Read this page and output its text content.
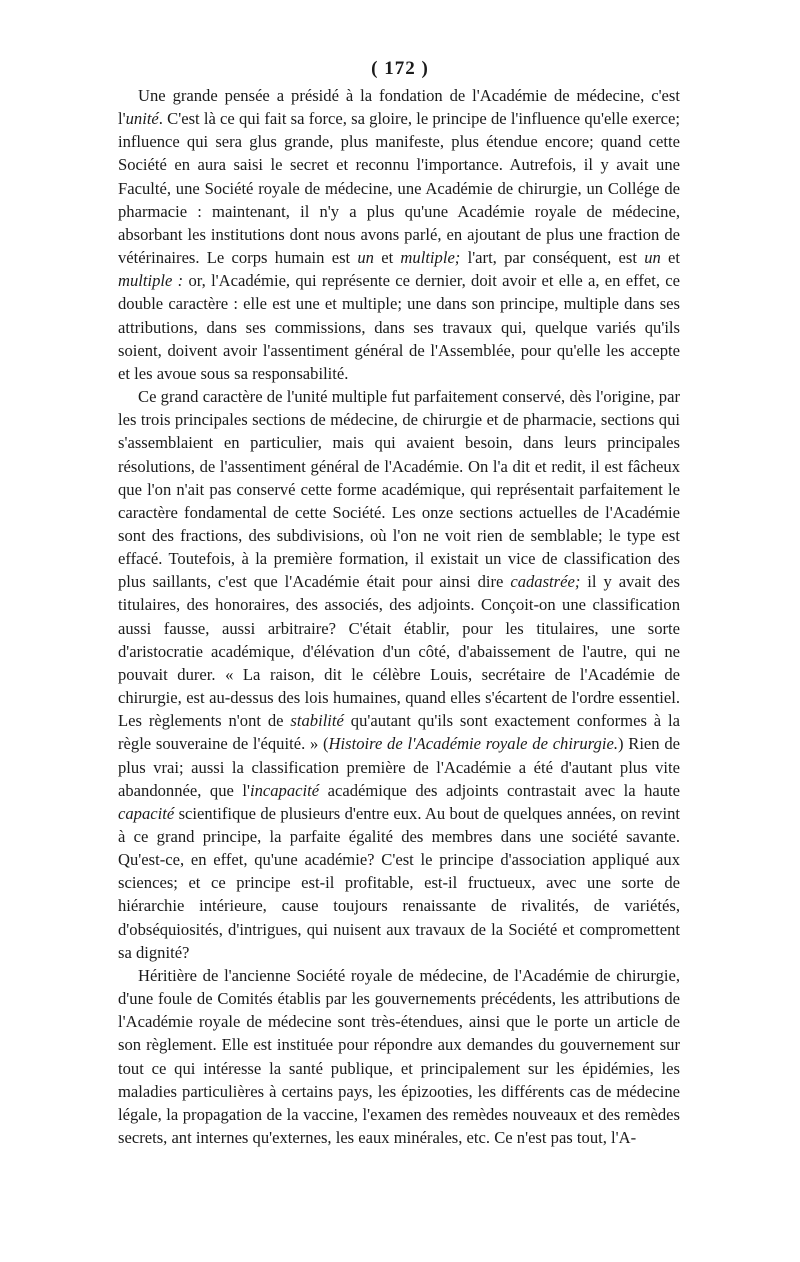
( 172 )

Une grande pensée a présidé à la fondation de l'Académie de médecine, c'est l'unité. C'est là ce qui fait sa force, sa gloire, le principe de l'influence qu'elle exerce; influence qui sera glus grande, plus manifeste, plus étendue encore; quand cette Société en aura saisi le secret et reconnu l'importance. Autrefois, il y avait une Faculté, une Société royale de médecine, une Académie de chirurgie, un Collége de pharmacie : maintenant, il n'y a plus qu'une Académie royale de médecine, absorbant les institutions dont nous avons parlé, en ajoutant de plus une fraction de vétérinaires. Le corps humain est un et multiple; l'art, par conséquent, est un et multiple : or, l'Académie, qui représente ce dernier, doit avoir et elle a, en effet, ce double caractère : elle est une et multiple; une dans son principe, multiple dans ses attributions, dans ses commissions, dans ses travaux qui, quelque variés qu'ils soient, doivent avoir l'assentiment général de l'Assemblée, pour qu'elle les accepte et les avoue sous sa responsabilité.

Ce grand caractère de l'unité multiple fut parfaitement conservé, dès l'origine, par les trois principales sections de médecine, de chirurgie et de pharmacie, sections qui s'assemblaient en particulier, mais qui avaient besoin, dans leurs principales résolutions, de l'assentiment général de l'Académie. On l'a dit et redit, il est fâcheux que l'on n'ait pas conservé cette forme académique, qui représentait parfaitement le caractère fondamental de cette Société. Les onze sections actuelles de l'Académie sont des fractions, des subdivisions, où l'on ne voit rien de semblable; le type est effacé. Toutefois, à la première formation, il existait un vice de classification des plus saillants, c'est que l'Académie était pour ainsi dire cadastrée; il y avait des titulaires, des honoraires, des associés, des adjoints. Conçoit-on une classification aussi fausse, aussi arbitraire? C'était établir, pour les titulaires, une sorte d'aristocratie académique, d'élévation d'un côté, d'abaissement de l'autre, qui ne pouvait durer. « La raison, dit le célèbre Louis, secrétaire de l'Académie de chirurgie, est au-dessus des lois humaines, quand elles s'écartent de l'ordre essentiel. Les règlements n'ont de stabilité qu'autant qu'ils sont exactement conformes à la règle souveraine de l'équité. » (Histoire de l'Académie royale de chirurgie.) Rien de plus vrai; aussi la classification première de l'Académie a été d'autant plus vite abandonnée, que l'incapacité académique des adjoints contrastait avec la haute capacité scientifique de plusieurs d'entre eux. Au bout de quelques années, on revint à ce grand principe, la parfaite égalité des membres dans une société savante. Qu'est-ce, en effet, qu'une académie? C'est le principe d'association appliqué aux sciences; et ce principe est-il profitable, est-il fructueux, avec une sorte de hiérarchie intérieure, cause toujours renaissante de rivalités, de variétés, d'obséquiosités, d'intrigues, qui nuisent aux travaux de la Société et compromettent sa dignité?

Héritière de l'ancienne Société royale de médecine, de l'Académie de chirurgie, d'une foule de Comités établis par les gouvernements précédents, les attributions de l'Académie royale de médecine sont très-étendues, ainsi que le porte un article de son règlement. Elle est instituée pour répondre aux demandes du gouvernement sur tout ce qui intéresse la santé publique, et principalement sur les épidémies, les maladies particulières à certains pays, les épizooties, les différents cas de médecine légale, la propagation de la vaccine, l'examen des remèdes nouveaux et des remèdes secrets, ant internes qu'externes, les eaux minérales, etc. Ce n'est pas tout, l'A-
